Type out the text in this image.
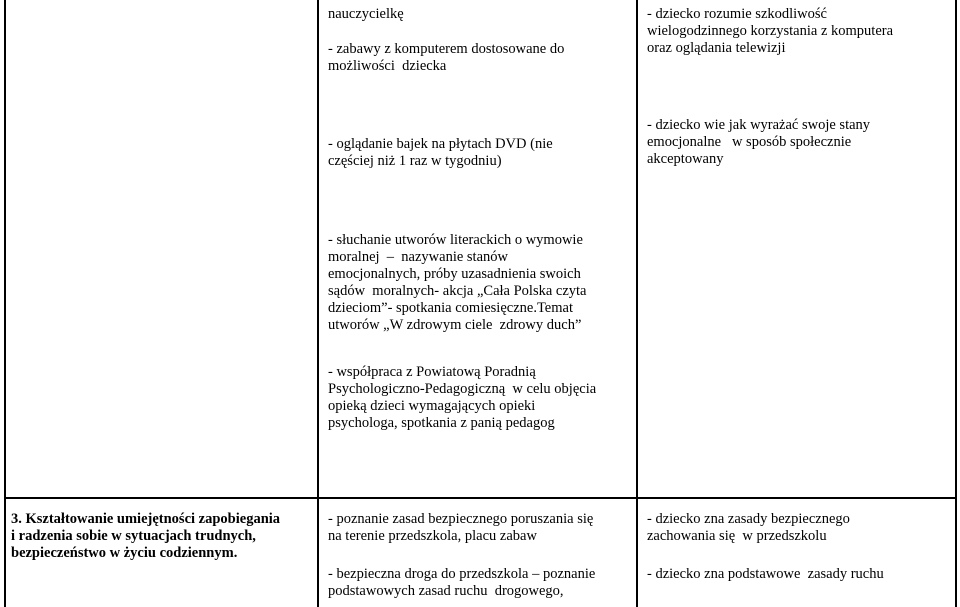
nauczycielkę

- zabawy z komputerem dostosowane do

możliwości  dziecka

- oglądanie bajek na płytach DVD (nie

częściej niż 1 raz w tygodniu)

- słuchanie utworów literackich o wymowie

moralnej  –  nazywanie stanów

emocjonalnych, próby uzasadnienia swoich

sądów  moralnych- akcja „Cała Polska czyta

dzieciom”- spotkania comiesięczne.Temat

utworów „W zdrowym ciele  zdrowy duch”

- współpraca z Powiatową Poradnią

Psychologiczno-Pedagogiczną  w celu objęcia

opieką dzieci wymagających opieki

psychologa, spotkania z panią pedagog

- dziecko rozumie szkodliwość

wielogodzinnego korzystania z komputera

oraz oglądania telewizji

- dziecko wie jak wyrażać swoje stany

emocjonalne   w sposób społecznie

akceptowany

3. Kształtowanie umiejętności zapobiegania

i radzenia sobie w sytuacjach trudnych,

bezpieczeństwo w życiu codziennym.

- poznanie zasad bezpiecznego poruszania się

na terenie przedszkola, placu zabaw

- bezpieczna droga do przedszkola – poznanie

podstawowych zasad ruchu  drogowego,

- dziecko zna zasady bezpiecznego

zachowania się  w przedszkolu

- dziecko zna podstawowe  zasady ruchu
